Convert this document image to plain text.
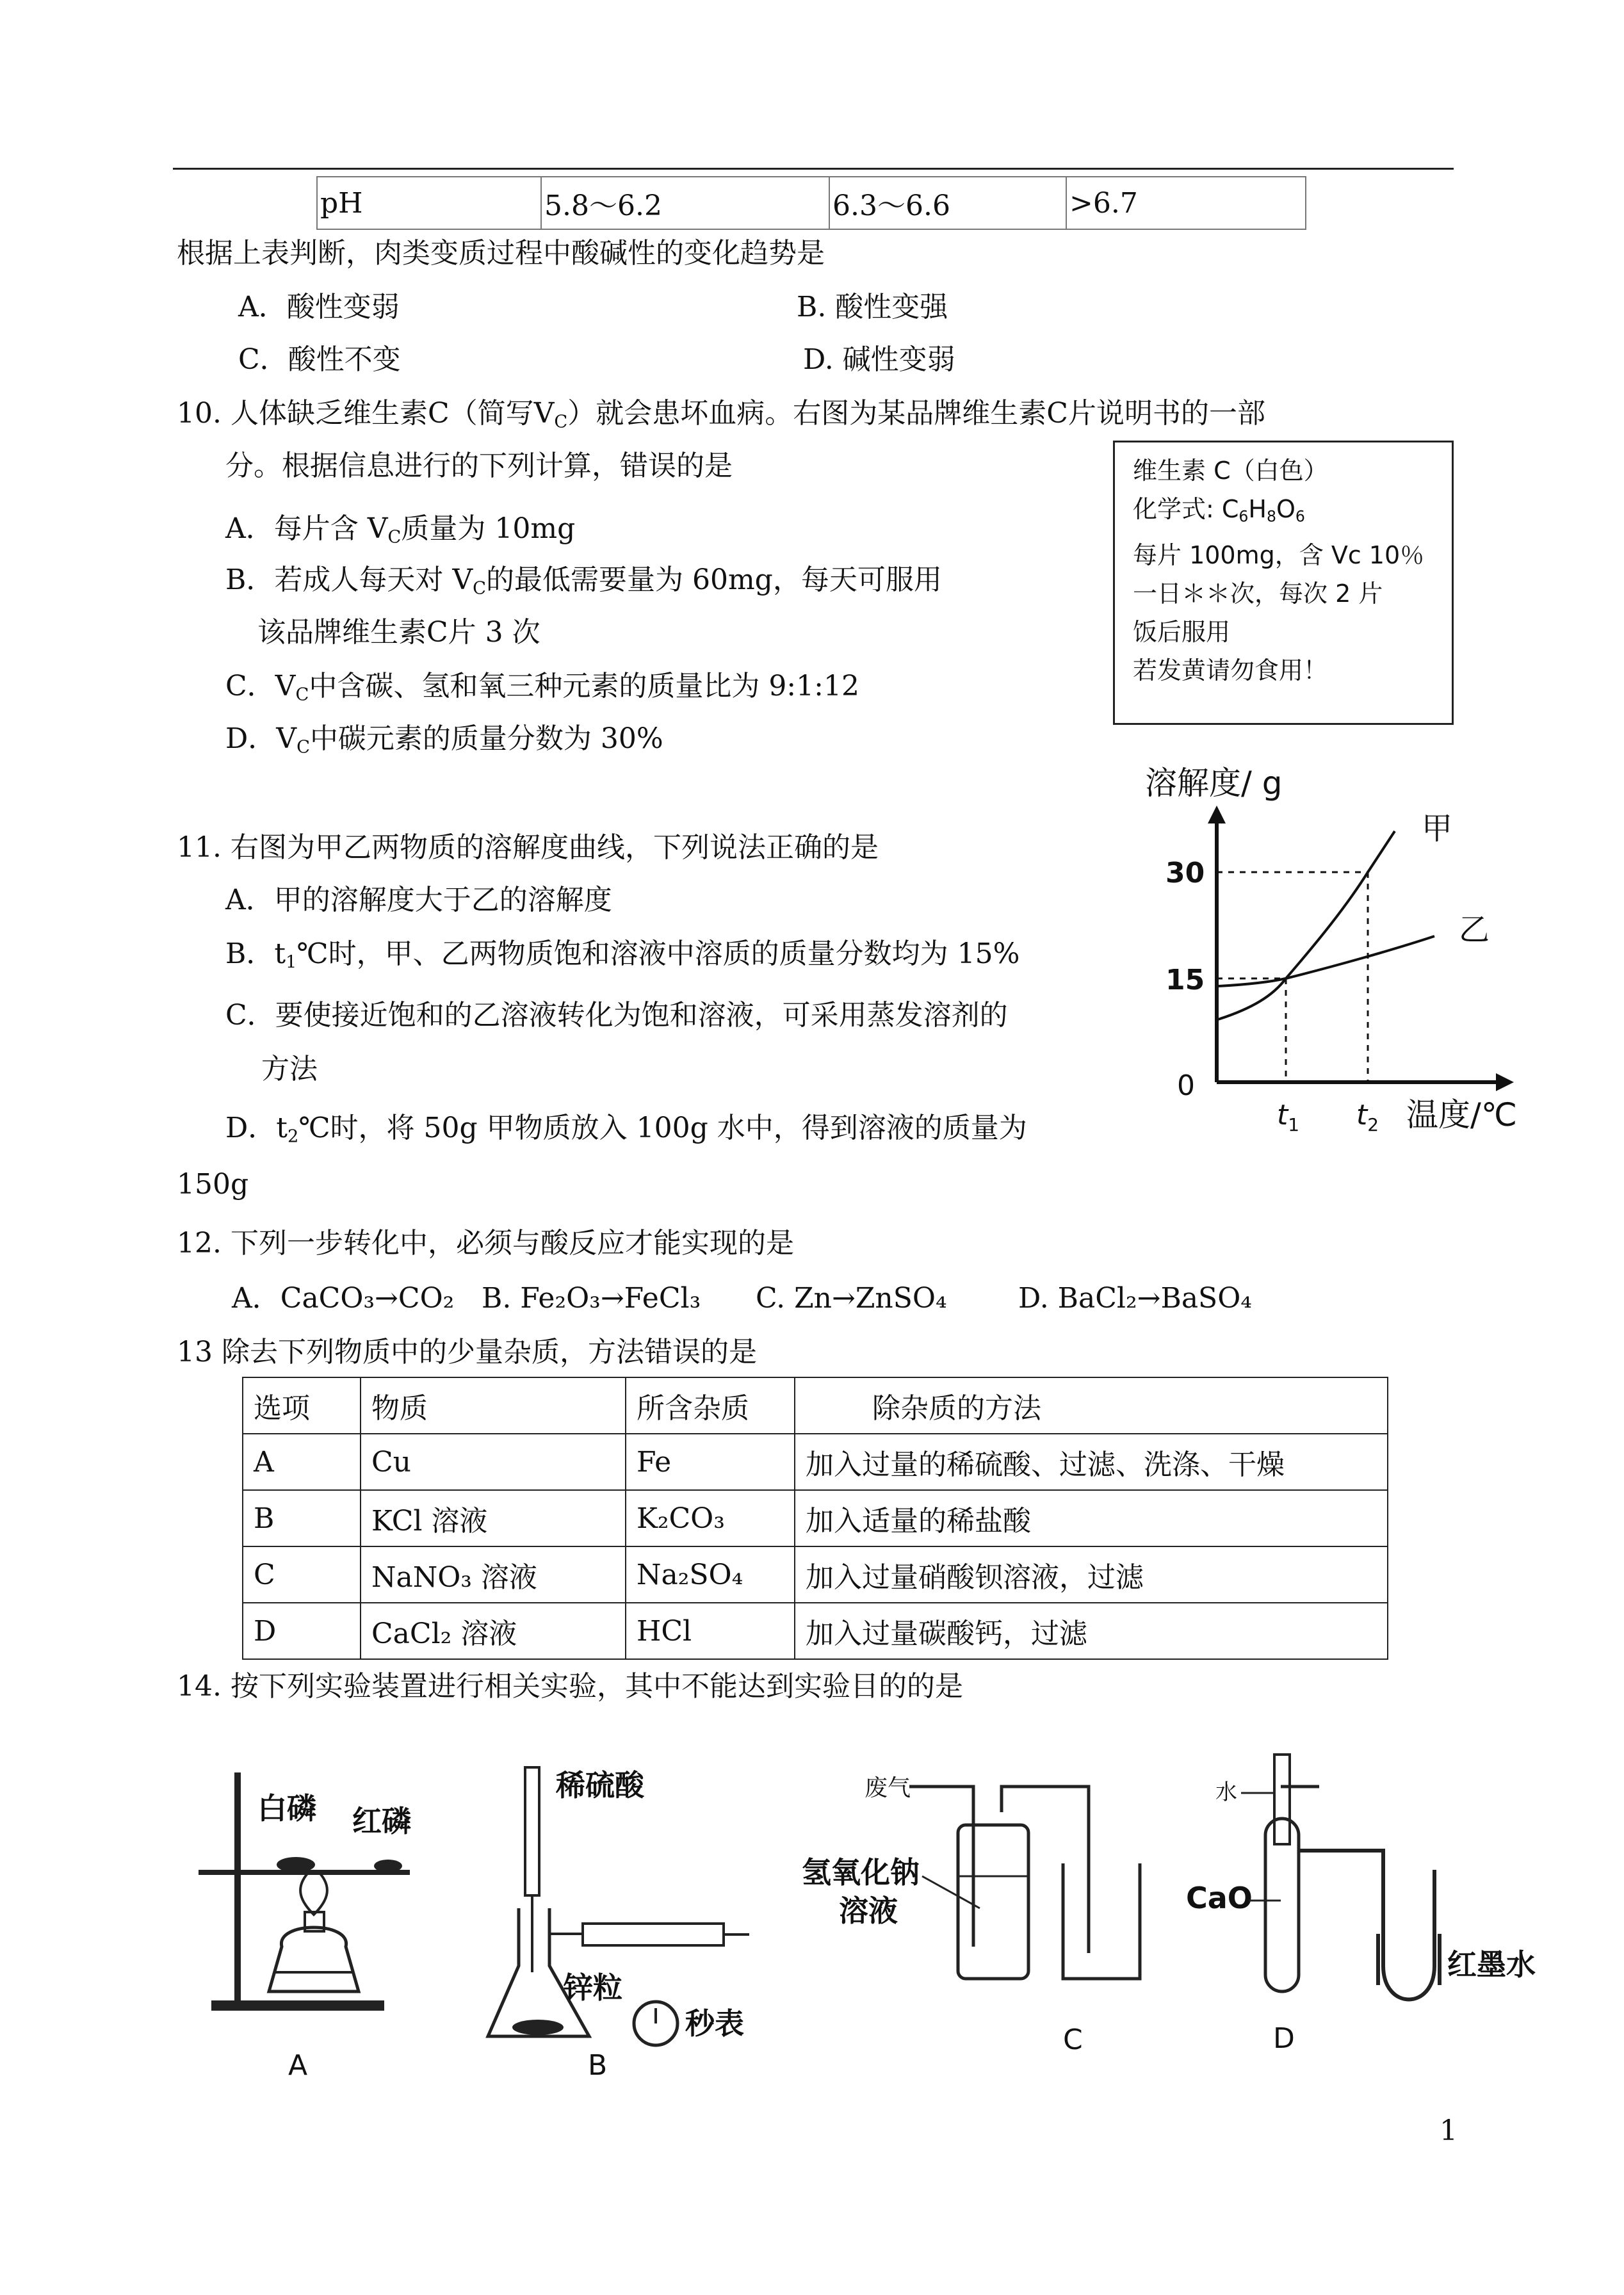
pH	5.8～6.2	6.3～6.6	>6.7
根据上表判断，肉类变质过程中酸碱性的变化趋势是
A．酸性变弱	B. 酸性变强
C．酸性不变	D. 碱性变弱
10. 人体缺乏维生素C（简写$V_C$）就会患坏血病。右图为某品牌维生素C片说明书的一部
分。根据信息进行的下列计算，错误的是
A．每片含 $V_C$质量为 10mg
B．若成人每天对 $V_C$的最低需要量为 60mg，每天可服用
该品牌维生素C片 3 次
C．$V_C$中含碳、氢和氧三种元素的质量比为 9:1:12
D．$V_C$中碳元素的质量分数为 30%
维生素 C（白色）
化学式: $C_6H_8O_6$
每片 100mg，含 Vc 10％
一日＊＊次，每次 2 片
饭后服用
若发黄请勿食用！
11. 右图为甲乙两物质的溶解度曲线，下列说法正确的是
A．甲的溶解度大于乙的溶解度
B．$t_1℃$时，甲、乙两物质饱和溶液中溶质的质量分数均为 15%
C．要使接近饱和的乙溶液转化为饱和溶液，可采用蒸发溶剂的
方法
D．$t_2℃$时，将 50g 甲物质放入 100g 水中，得到溶液的质量为
150g
溶解度/ g
甲
乙
30
15
0
$t_1$ $t_2$ 温度/℃
12. 下列一步转化中，必须与酸反应才能实现的是
A．CaCO₃→CO₂ B. Fe₂O₃→FeCl₃ C. Zn→ZnSO₄	D. BaCl₂→BaSO₄
13 除去下列物质中的少量杂质，方法错误的是
选项	物质	所含杂质	除杂质的方法
A	Cu	Fe	加入过量的稀硫酸、过滤、洗涤、干燥
B	KCl 溶液	K₂CO₃	加入适量的稀盐酸
C	NaNO₃ 溶液	Na₂SO₄	加入过量硝酸钡溶液，过滤
D	CaCl₂ 溶液	HCl	加入过量碳酸钙，过滤
14. 按下列实验装置进行相关实验，其中不能达到实验目的的是
白磷 红磷
A
稀硫酸
锌粒
秒表
B
废气
氢氧化钠
溶液
C
水
CaO
红墨水
D
1
